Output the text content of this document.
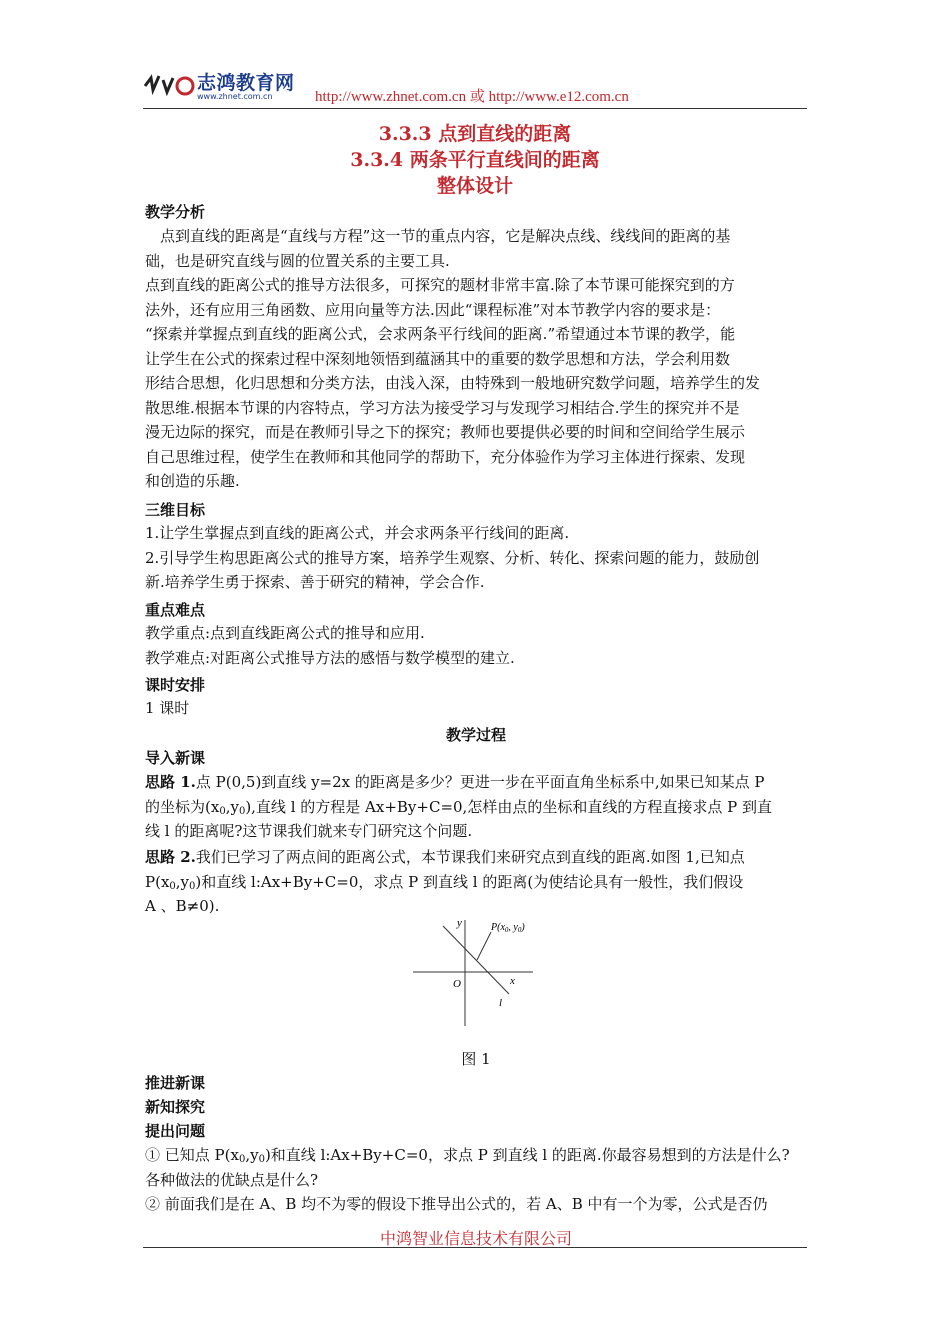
志鸿教育网
www.zhnet.com.cn	http://www.zhnet.com.cn 或 http://www.e12.com.cn
3.3.3 点到直线的距离
3.3.4 两条平行直线间的距离
整体设计
教学分析
　点到直线的距离是“直线与方程”这一节的重点内容，它是解决点线、线线间的距离的基
础，也是研究直线与圆的位置关系的主要工具.
点到直线的距离公式的推导方法很多，可探究的题材非常丰富.除了本节课可能探究到的方
法外，还有应用三角函数、应用向量等方法.因此“课程标准”对本节教学内容的要求是：
“探索并掌握点到直线的距离公式，会求两条平行线间的距离.”希望通过本节课的教学，能
让学生在公式的探索过程中深刻地领悟到蕴涵其中的重要的数学思想和方法，学会利用数
形结合思想，化归思想和分类方法，由浅入深，由特殊到一般地研究数学问题，培养学生的发
散思维.根据本节课的内容特点，学习方法为接受学习与发现学习相结合.学生的探究并不是
漫无边际的探究，而是在教师引导之下的探究；教师也要提供必要的时间和空间给学生展示
自己思维过程，使学生在教师和其他同学的帮助下，充分体验作为学习主体进行探索、发现
和创造的乐趣.
三维目标
1.让学生掌握点到直线的距离公式，并会求两条平行线间的距离.
2.引导学生构思距离公式的推导方案，培养学生观察、分析、转化、探索问题的能力，鼓励创
新.培养学生勇于探索、善于研究的精神，学会合作.
重点难点
教学重点:点到直线距离公式的推导和应用.
教学难点:对距离公式推导方法的感悟与数学模型的建立.
课时安排
1 课时
教学过程
导入新课
思路 1.点 P(0,5)到直线 y=2x 的距离是多少？更进一步在平面直角坐标系中,如果已知某点 P
的坐标为$(x_0,y_0)$,直线 l 的方程是 Ax+By+C=0,怎样由点的坐标和直线的方程直接求点 P 到直
线 l 的距离呢?这节课我们就来专门研究这个问题.
思路 2.我们已学习了两点间的距离公式，本节课我们来研究点到直线的距离.如图 1,已知点
$P(x_0,y_0)$和直线 l:Ax+By+C=0，求点 P 到直线 l 的距离(为使结论具有一般性，我们假设
A 、B≠0).
y
x
O
l
$P(x_0$, $y_0$)
图 1
推进新课
新知探究
提出问题
① 已知点 $P(x_0,y_0)$和直线 l:Ax+By+C=0，求点 P 到直线 l 的距离.你最容易想到的方法是什么?
各种做法的优缺点是什么?
② 前面我们是在 A、B 均不为零的假设下推导出公式的，若 A、B 中有一个为零，公式是否仍
中鸿智业信息技术有限公司
